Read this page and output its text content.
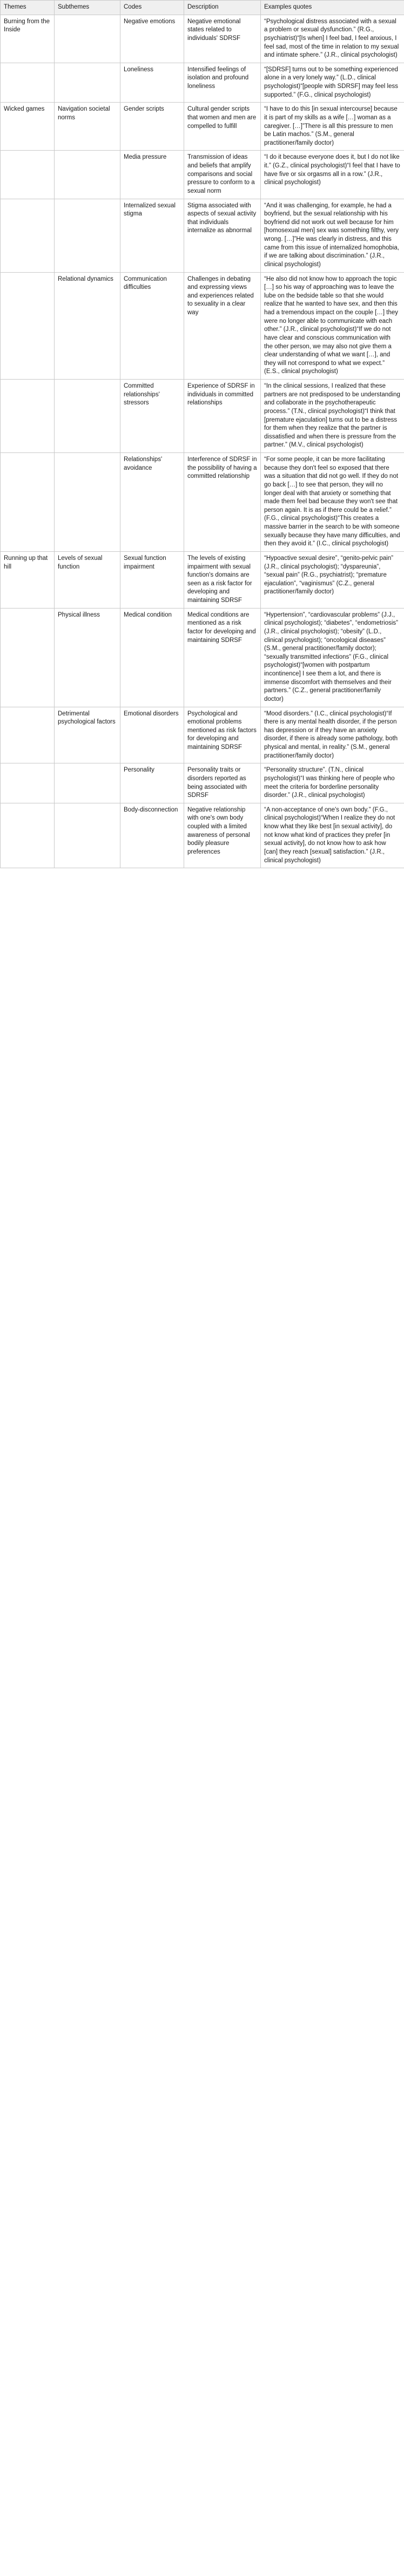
Themes	Subthemes	Codes	Description	Examples quotes
Burning from the Inside		Negative emotions	Negative emotional states related to individuals' SDRSF	“Psychological distress associated with a sexual a problem or sexual dysfunction.” (R.G., psychiatrist)“[Is when] I feel bad, I feel anxious, I feel sad, most of the time in relation to my sexual and intimate sphere.” (J.R., clinical psychologist)
		Loneliness	Intensified feelings of isolation and profound loneliness	“[SDRSF] turns out to be something experienced alone in a very lonely way.” (L.D., clinical psychologist)“[people with SDRSF] may feel less supported.” (F.G., clinical psychologist)
Wicked games	Navigation societal norms	Gender scripts	Cultural gender scripts that women and men are compelled to fulfill	“I have to do this [in sexual intercourse] because it is part of my skills as a wife […] woman as a caregiver. […]”There is all this pressure to men be Latin machos.” (S.M., general practitioner/family doctor)
		Media pressure	Transmission of ideas and beliefs that amplify comparisons and social pressure to conform to a sexual norm	“I do it because everyone does it, but I do not like it.” (G.Z., clinical psychologist)“I feel that I have to have five or six orgasms all in a row.” (J.R., clinical psychologist)
		Internalized sexual stigma	Stigma associated with aspects of sexual activity that individuals internalize as abnormal	“And it was challenging, for example, he had a boyfriend, but the sexual relationship with his boyfriend did not work out well because for him [homosexual men] sex was something filthy, very wrong. […]”He was clearly in distress, and this came from this issue of internalized homophobia, if we are talking about discrimination.” (J.R., clinical psychologist)
	Relational dynamics	Communication difficulties	Challenges in debating and expressing views and experiences related to sexuality in a clear way	“He also did not know how to approach the topic […] so his way of approaching was to leave the lube on the bedside table so that she would realize that he wanted to have sex, and then this had a tremendous impact on the couple […] they were no longer able to communicate with each other.” (J.R., clinical psychologist)“If we do not have clear and conscious communication with the other person, we may also not give them a clear understanding of what we want […], and they will not correspond to what we expect.” (E.S., clinical psychologist)
		Committed relationships' stressors	Experience of SDRSF in individuals in committed relationships	“In the clinical sessions, I realized that these partners are not predisposed to be understanding and collaborate in the psychotherapeutic process.” (T.N., clinical psychologist)“I think that [premature ejaculation] turns out to be a distress for them when they realize that the partner is dissatisfied and when there is pressure from the partner.” (M.V., clinical psychologist)
		Relationships' avoidance	Interference of SDRSF in the possibility of having a committed relationship	“For some people, it can be more facilitating because they don't feel so exposed that there was a situation that did not go well. If they do not go back […] to see that person, they will no longer deal with that anxiety or something that made them feel bad because they won't see that person again. It is as if there could be a relief.” (F.G., clinical psychologist)“This creates a massive barrier in the search to be with someone sexually because they have many difficulties, and then they avoid it.” (I.C., clinical psychologist)
Running up that hill	Levels of sexual function	Sexual function impairment	The levels of existing impairment with sexual function's domains are seen as a risk factor for developing and maintaining SDRSF	“Hypoactive sexual desire”, “genito-pelvic pain” (J.R., clinical psychologist); “dyspareunia”, “sexual pain” (R.G., psychiatrist); “premature ejaculation”, “vaginismus” (C.Z., general practitioner/family doctor)
	Physical illness	Medical condition	Medical conditions are mentioned as a risk factor for developing and maintaining SDRSF	“Hypertension”, “cardiovascular problems” (J.J., clinical psychologist); “diabetes”, “endometriosis” (J.R., clinical psychologist); “obesity” (L.D., clinical psychologist); “oncological diseases” (S.M., general practitioner/family doctor); “sexually transmitted infections” (F.G., clinical psychologist)“[women with postpartum incontinence] I see them a lot, and there is immense discomfort with themselves and their partners.” (C.Z., general practitioner/family doctor)
	Detrimental psychological factors	Emotional disorders	Psychological and emotional problems mentioned as risk factors for developing and maintaining SDRSF	“Mood disorders.” (I.C., clinical psychologist)“If there is any mental health disorder, if the person has depression or if they have an anxiety disorder, if there is already some pathology, both physical and mental, in reality.” (S.M., general practitioner/family doctor)
		Personality	Personality traits or disorders reported as being associated with SDRSF	“Personality structure”. (T.N., clinical psychologist)“I was thinking here of people who meet the criteria for borderline personality disorder.” (J.R., clinical psychologist)
		Body-disconnection	Negative relationship with one's own body coupled with a limited awareness of personal bodily pleasure preferences	“A non-acceptance of one's own body.” (F.G., clinical psychologist)“When I realize they do not know what they like best [in sexual activity], do not know what kind of practices they prefer [in sexual activity], do not know how to ask how [can] they reach [sexual] satisfaction.” (J.R., clinical psychologist)
